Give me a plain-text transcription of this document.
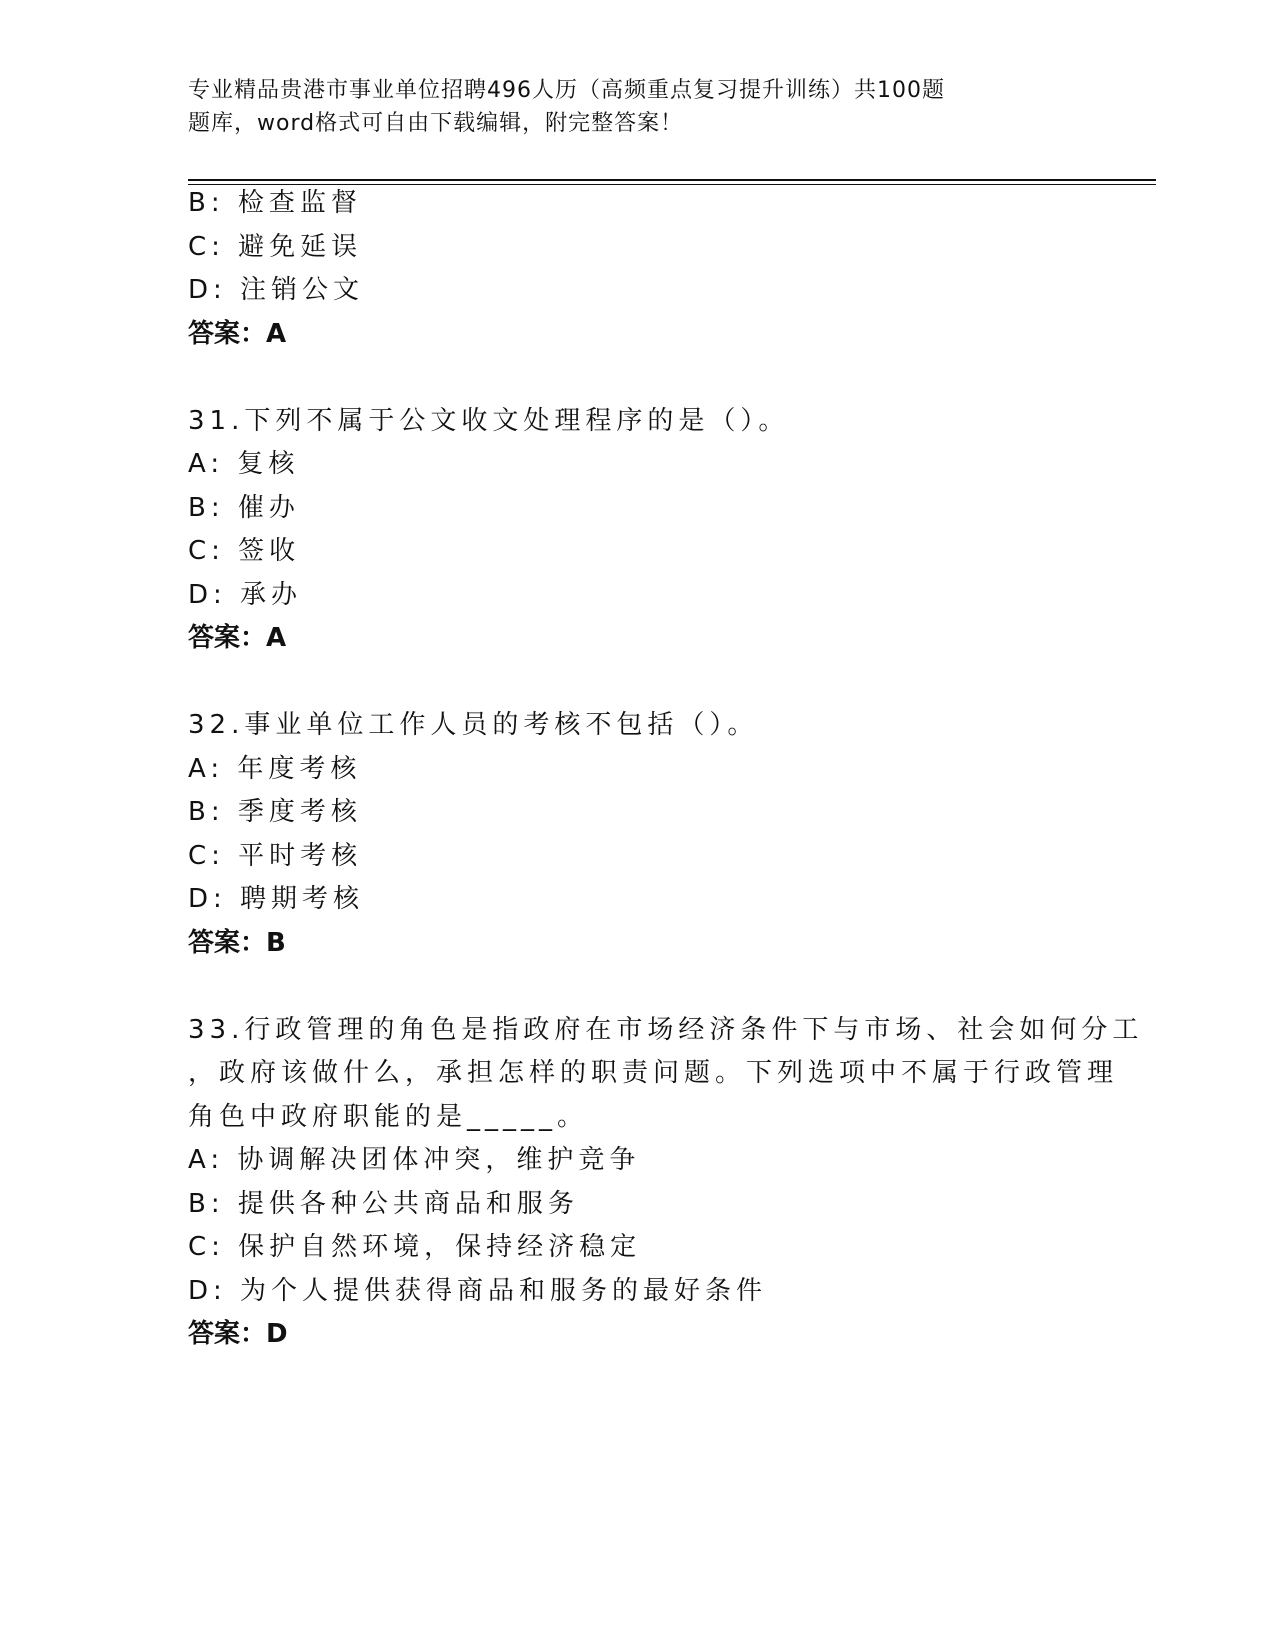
专业精品贵港市事业单位招聘496人历（高频重点复习提升训练）共100题
题库，word格式可自由下载编辑，附完整答案！
B: 检查监督
C: 避免延误
D: 注销公文
答案：A
31.下列不属于公文收文处理程序的是（）。
A: 复核
B: 催办
C: 签收
D: 承办
答案：A
32.事业单位工作人员的考核不包括（）。
A: 年度考核
B: 季度考核
C: 平时考核
D: 聘期考核
答案：B
33.行政管理的角色是指政府在市场经济条件下与市场、社会如何分工
，政府该做什么，承担怎样的职责问题。下列选项中不属于行政管理
角色中政府职能的是_____。
A: 协调解决团体冲突，维护竞争
B: 提供各种公共商品和服务
C: 保护自然环境，保持经济稳定
D: 为个人提供获得商品和服务的最好条件
答案：D
